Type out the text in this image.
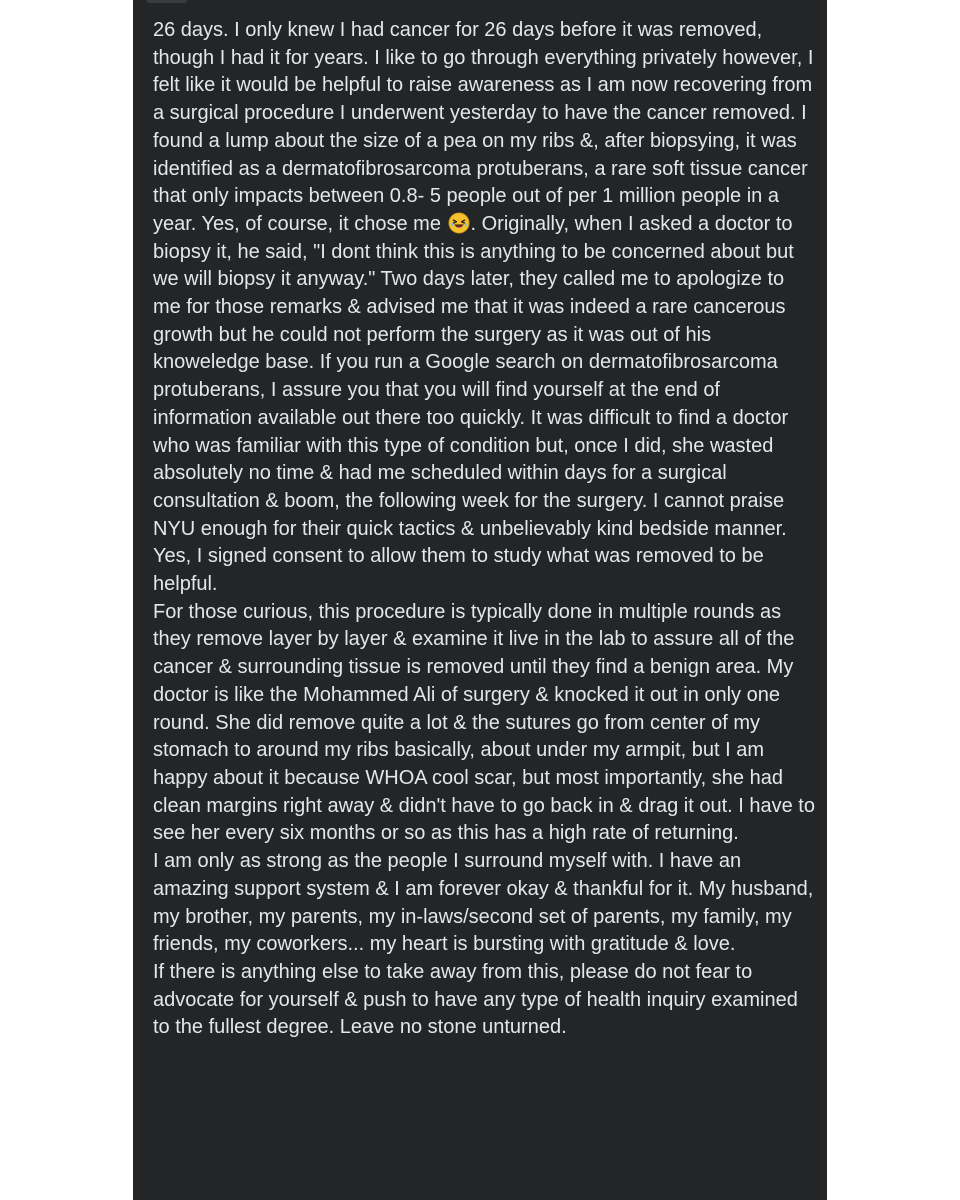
26 days. I only knew I had cancer for 26 days before it was removed, though I had it for years. I like to go through everything privately however, I felt like it would be helpful to raise awareness as I am now recovering from a surgical procedure I underwent yesterday to have the cancer removed. I found a lump about the size of a pea on my ribs &, after biopsying, it was identified as a dermatofibrosarcoma protuberans, a rare soft tissue cancer that only impacts between 0.8- 5 people out of per 1 million people in a year. Yes, of course, it chose me . Originally, when I asked a doctor to biopsy it, he said, "I dont think this is anything to be concerned about but we will biopsy it anyway." Two days later, they called me to apologize to me for those remarks & advised me that it was indeed a rare cancerous growth but he could not perform the surgery as it was out of his knoweledge base. If you run a Google search on dermatofibrosarcoma protuberans, I assure you that you will find yourself at the end of information available out there too quickly. It was difficult to find a doctor who was familiar with this type of condition but, once I did, she wasted absolutely no time & had me scheduled within days for a surgical consultation & boom, the following week for the surgery. I cannot praise NYU enough for their quick tactics & unbelievably kind bedside manner. Yes, I signed consent to allow them to study what was removed to be helpful.

For those curious, this procedure is typically done in multiple rounds as they remove layer by layer & examine it live in the lab to assure all of the cancer & surrounding tissue is removed until they find a benign area. My doctor is like the Mohammed Ali of surgery & knocked it out in only one round. She did remove quite a lot & the sutures go from center of my stomach to around my ribs basically, about under my armpit, but I am happy about it because WHOA cool scar, but most importantly, she had clean margins right away & didn't have to go back in & drag it out. I have to see her every six months or so as this has a high rate of returning.

I am only as strong as the people I surround myself with. I have an amazing support system & I am forever okay & thankful for it. My husband, my brother, my parents, my in-laws/second set of parents, my family, my friends, my coworkers... my heart is bursting with gratitude & love.

If there is anything else to take away from this, please do not fear to advocate for yourself & push to have any type of health inquiry examined to the fullest degree. Leave no stone unturned.
